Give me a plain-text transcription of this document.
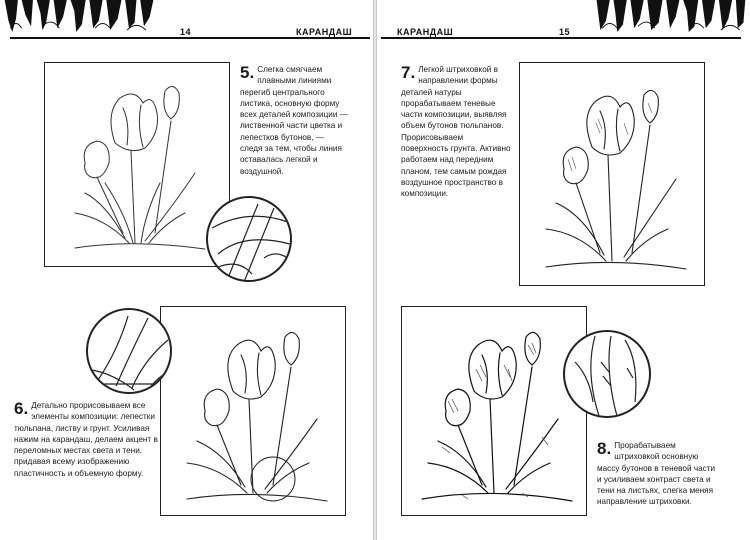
14	КАРАНДАШ
5. Слегка смягчаем плавными линиями перегиб центрального листика, основную форму всех деталей композиции — лиственной части цветка и лепестков бутонов, — следя за тем, чтобы линия оставалась легкой и воздушной.
6. Детально прорисовываем все элементы композиции: лепестки тюльпана, листву и грунт. Усиливая нажим на карандаш, делаем акцент в переломных местах света и тени, придавая всему изображению пластичность и объемную форму.
КАРАНДАШ	15
7. Легкой штриховкой в направлении формы деталей натуры прорабатываем теневые части композиции, выявляя объем бутонов тюльпанов. Прорисовываем поверхность грунта. Активно работаем над передним планом, тем самым рождая воздушное пространство в композиции.
8. Прорабатываем штриховкой основную массу бутонов в теневой части и усиливаем контраст света и тени на листьях, слегка меняя направление штриховки.
